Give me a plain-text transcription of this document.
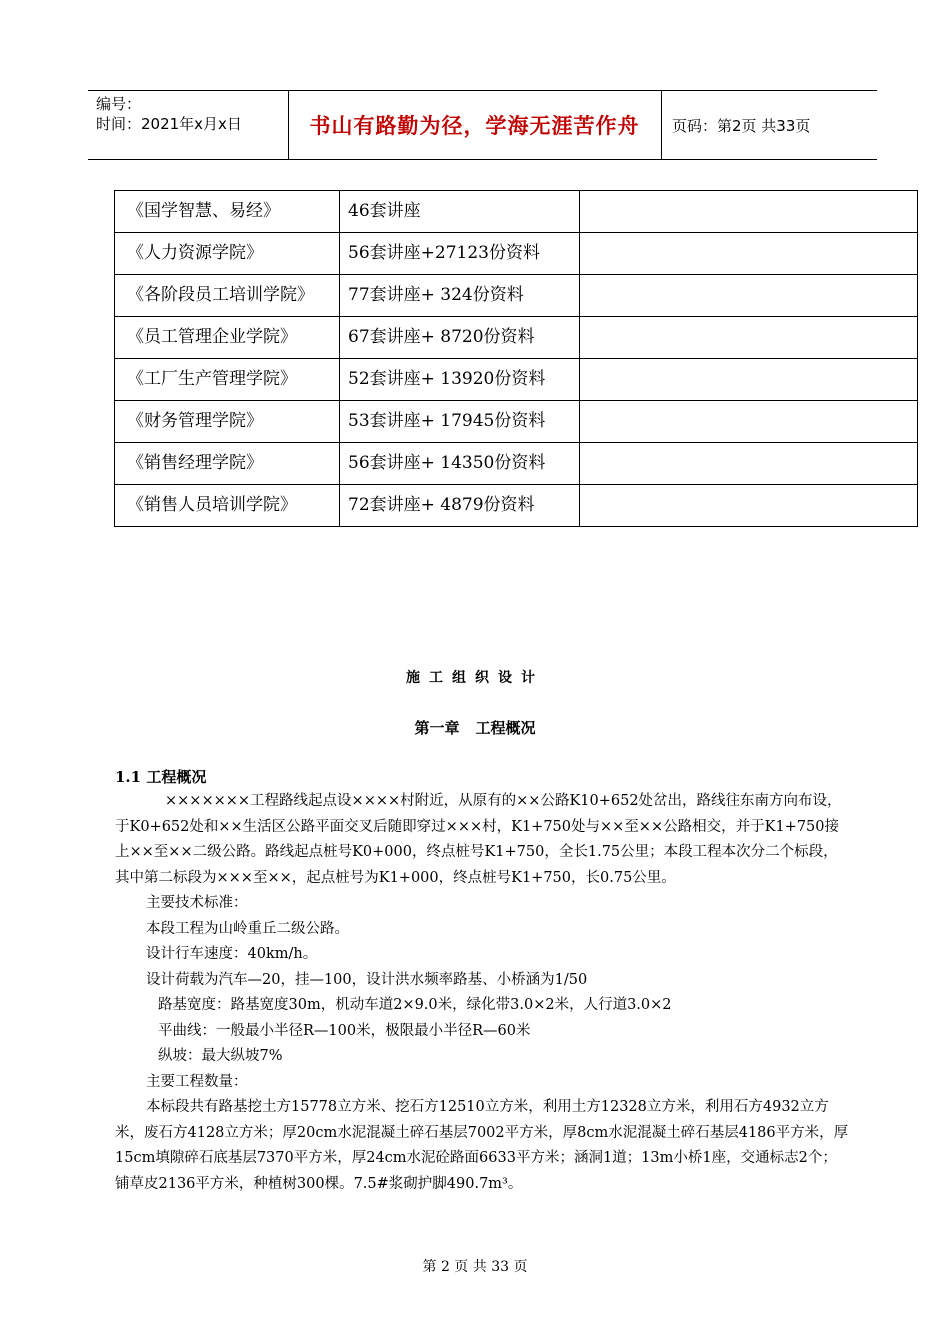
编号：
时间：2021年x月x日	书山有路勤为径，学海无涯苦作舟 页码：第2页 共33页
《国学智慧、易经》	46套讲座	
《人力资源学院》	56套讲座+27123份资料	
《各阶段员工培训学院》	77套讲座+ 324份资料	
《员工管理企业学院》	67套讲座+ 8720份资料	
《工厂生产管理学院》	52套讲座+ 13920份资料	
《财务管理学院》	53套讲座+ 17945份资料	
《销售经理学院》	56套讲座+ 14350份资料	
《销售人员培训学院》	72套讲座+ 4879份资料	
施工组织设计
第一章 工程概况
1.1 工程概况

×××××××工程路线起点设××××村附近，从原有的××公路K10+652处岔出，路线往东南方向布设，于K0+652处和××生活区公路平面交叉后随即穿过×××村，K1+750处与××至××公路相交，并于K1+750接上××至××二级公路。路线起点桩号K0+000，终点桩号K1+750，全长1.75公里；本段工程本次分二个标段，其中第二标段为×××至××，起点桩号为K1+000，终点桩号K1+750，长0.75公里。

主要技术标准：

本段工程为山岭重丘二级公路。

设计行车速度：40km/h。

设计荷载为汽车—20，挂—100，设计洪水频率路基、小桥涵为1/50

路基宽度：路基宽度30m，机动车道2×9.0米，绿化带3.0×2米，人行道3.0×2

平曲线：一般最小半径R—100米，极限最小半径R—60米

纵坡：最大纵坡7%

主要工程数量：

本标段共有路基挖土方15778立方米、挖石方12510立方米，利用土方12328立方米，利用石方4932立方米，废石方4128立方米；厚20cm水泥混凝土碎石基层7002平方米，厚8cm水泥混凝土碎石基层4186平方米，厚15cm填隙碎石底基层7370平方米，厚24cm水泥砼路面6633平方米；涵洞1道；13m小桥1座，交通标志2个；铺草皮2136平方米，种植树300棵。7.5#浆砌护脚490.7m³。

第 2 页 共 33 页
